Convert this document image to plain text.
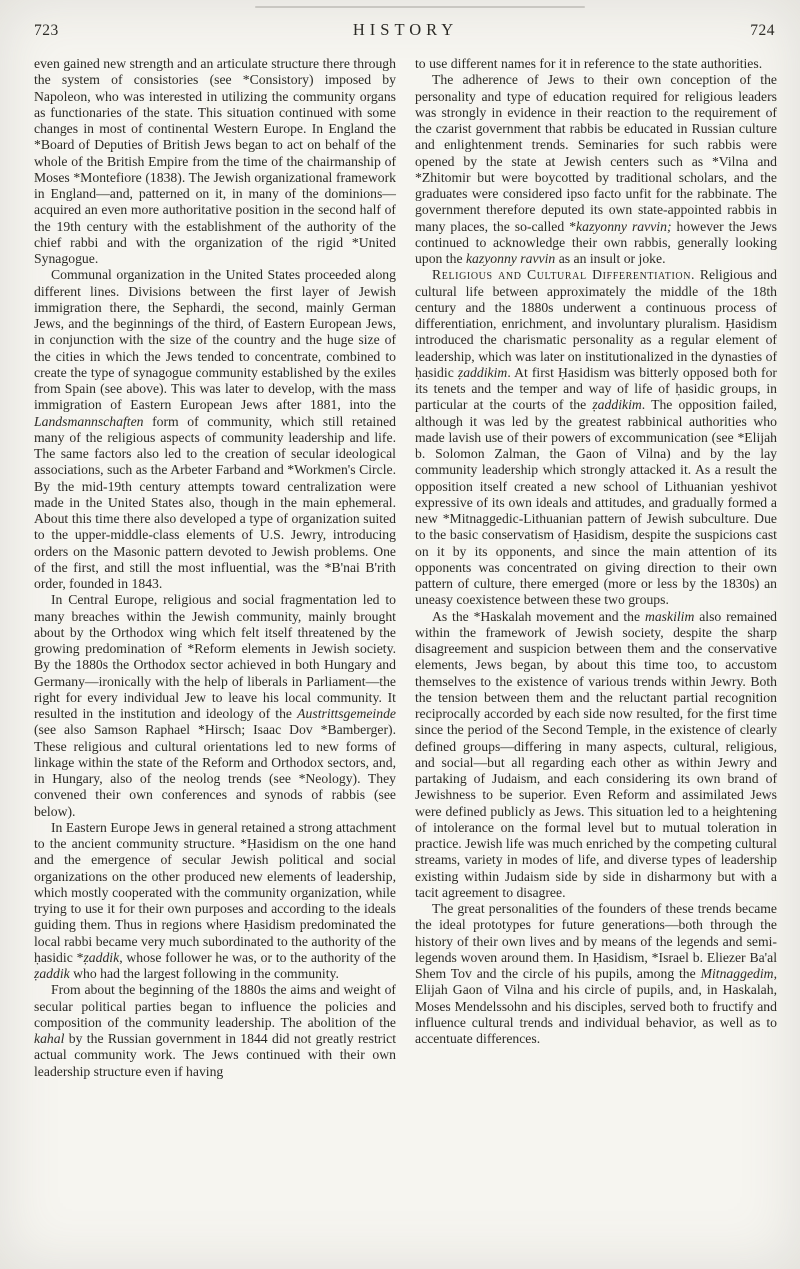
723	HISTORY	724

even gained new strength and an articulate structure there through the system of consistories (see *Consistory) imposed by Napoleon, who was interested in utilizing the community organs as functionaries of the state. This situation continued with some changes in most of continental Western Europe. In England the *Board of Deputies of British Jews began to act on behalf of the whole of the British Empire from the time of the chairmanship of Moses *Montefiore (1838). The Jewish organizational framework in England—and, patterned on it, in many of the dominions—acquired an even more authoritative position in the second half of the 19th century with the establishment of the authority of the chief rabbi and with the organization of the rigid *United Synagogue.

Communal organization in the United States proceeded along different lines. Divisions between the first layer of Jewish immigration there, the Sephardi, the second, mainly German Jews, and the beginnings of the third, of Eastern European Jews, in conjunction with the size of the country and the huge size of the cities in which the Jews tended to concentrate, combined to create the type of synagogue community established by the exiles from Spain (see above). This was later to develop, with the mass immigration of Eastern European Jews after 1881, into the Landsmannschaften form of community, which still retained many of the religious aspects of community leadership and life. The same factors also led to the creation of secular ideological associations, such as the Arbeter Farband and *Workmen's Circle. By the mid-19th century attempts toward centralization were made in the United States also, though in the main ephemeral. About this time there also developed a type of organization suited to the upper-middle-class elements of U.S. Jewry, introducing orders on the Masonic pattern devoted to Jewish problems. One of the first, and still the most influential, was the *B'nai B'rith order, founded in 1843.

In Central Europe, religious and social fragmentation led to many breaches within the Jewish community, mainly brought about by the Orthodox wing which felt itself threatened by the growing predomination of *Reform elements in Jewish society. By the 1880s the Orthodox sector achieved in both Hungary and Germany—ironically with the help of liberals in Parliament—the right for every individual Jew to leave his local community. It resulted in the institution and ideology of the Austrittsgemeinde (see also Samson Raphael *Hirsch; Isaac Dov *Bamberger). These religious and cultural orientations led to new forms of linkage within the state of the Reform and Orthodox sectors, and, in Hungary, also of the neolog trends (see *Neology). They convened their own conferences and synods of rabbis (see below).

In Eastern Europe Jews in general retained a strong attachment to the ancient community structure. *Ḥasidism on the one hand and the emergence of secular Jewish political and social organizations on the other produced new elements of leadership, which mostly cooperated with the community organization, while trying to use it for their own purposes and according to the ideals guiding them. Thus in regions where Ḥasidism predominated the local rabbi became very much subordinated to the authority of the ḥasidic *ẓaddik, whose follower he was, or to the authority of the ẓaddik who had the largest following in the community.

From about the beginning of the 1880s the aims and weight of secular political parties began to influence the policies and composition of the community leadership. The abolition of the kahal by the Russian government in 1844 did not greatly restrict actual community work. The Jews continued with their own leadership structure even if having

to use different names for it in reference to the state authorities.

The adherence of Jews to their own conception of the personality and type of education required for religious leaders was strongly in evidence in their reaction to the requirement of the czarist government that rabbis be educated in Russian culture and enlightenment trends. Seminaries for such rabbis were opened by the state at Jewish centers such as *Vilna and *Zhitomir but were boycotted by traditional scholars, and the graduates were considered ipso facto unfit for the rabbinate. The government therefore deputed its own state-appointed rabbis in many places, the so-called *kazyonny ravvin; however the Jews continued to acknowledge their own rabbis, generally looking upon the kazyonny ravvin as an insult or joke.

Religious and Cultural Differentiation. Religious and cultural life between approximately the middle of the 18th century and the 1880s underwent a continuous process of differentiation, enrichment, and involuntary pluralism. Ḥasidism introduced the charismatic personality as a regular element of leadership, which was later on institutionalized in the dynasties of ḥasidic ẓaddikim. At first Ḥasidism was bitterly opposed both for its tenets and the temper and way of life of ḥasidic groups, in particular at the courts of the ẓaddikim. The opposition failed, although it was led by the greatest rabbinical authorities who made lavish use of their powers of excommunication (see *Elijah b. Solomon Zalman, the Gaon of Vilna) and by the lay community leadership which strongly attacked it. As a result the opposition itself created a new school of Lithuanian yeshivot expressive of its own ideals and attitudes, and gradually formed a new *Mitnaggedic-Lithuanian pattern of Jewish subculture. Due to the basic conservatism of Ḥasidism, despite the suspicions cast on it by its opponents, and since the main attention of its opponents was concentrated on giving direction to their own pattern of culture, there emerged (more or less by the 1830s) an uneasy coexistence between these two groups.

As the *Haskalah movement and the maskilim also remained within the framework of Jewish society, despite the sharp disagreement and suspicion between them and the conservative elements, Jews began, by about this time too, to accustom themselves to the existence of various trends within Jewry. Both the tension between them and the reluctant partial recognition reciprocally accorded by each side now resulted, for the first time since the period of the Second Temple, in the existence of clearly defined groups—differing in many aspects, cultural, religious, and social—but all regarding each other as within Jewry and partaking of Judaism, and each considering its own brand of Jewishness to be superior. Even Reform and assimilated Jews were defined publicly as Jews. This situation led to a heightening of intolerance on the formal level but to mutual toleration in practice. Jewish life was much enriched by the competing cultural streams, variety in modes of life, and diverse types of leadership existing within Judaism side by side in disharmony but with a tacit agreement to disagree.

The great personalities of the founders of these trends became the ideal prototypes for future generations—both through the history of their own lives and by means of the legends and semi-legends woven around them. In Ḥasidism, *Israel b. Eliezer Ba'al Shem Tov and the circle of his pupils, among the Mitnaggedim, Elijah Gaon of Vilna and his circle of pupils, and, in Haskalah, Moses Mendelssohn and his disciples, served both to fructify and influence cultural trends and individual behavior, as well as to accentuate differences.
